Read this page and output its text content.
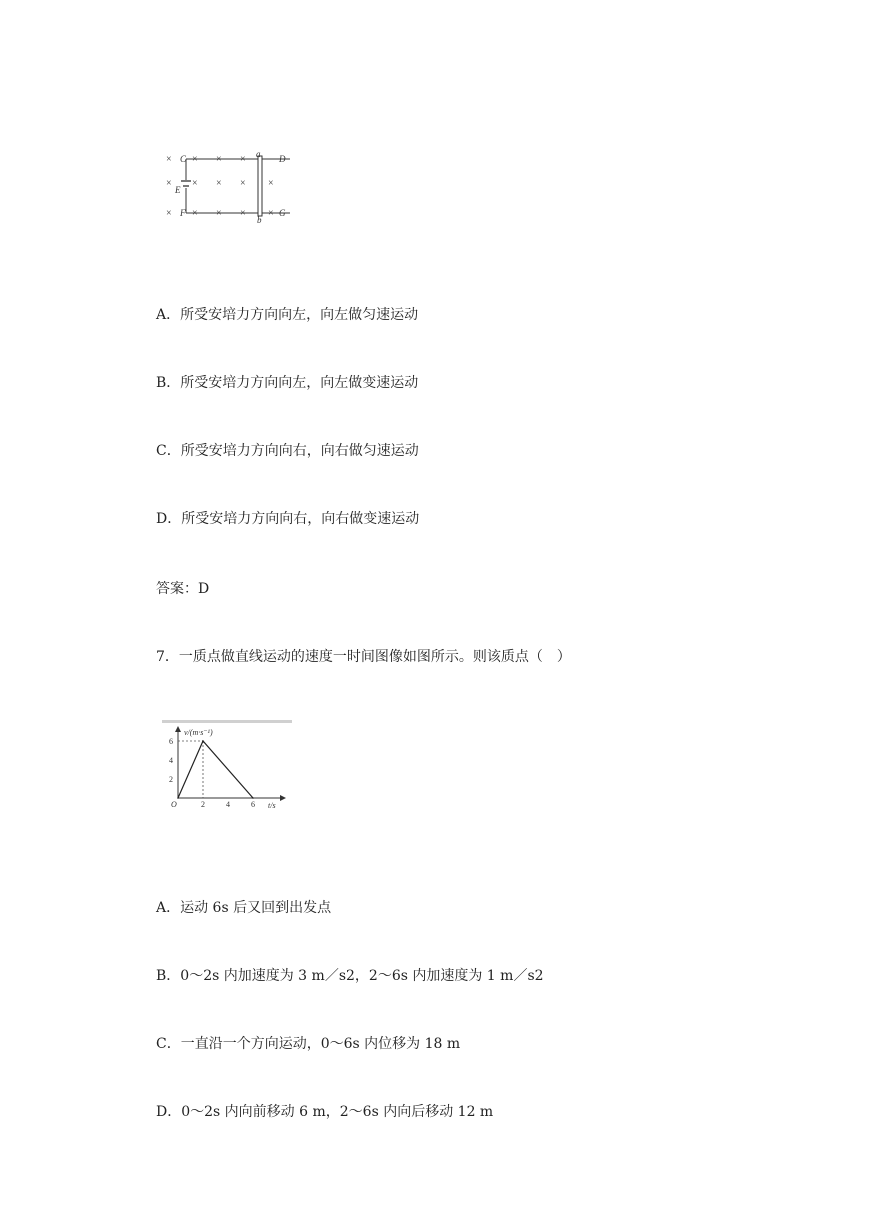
× × × ×
× × × × ×
× × × × ×
C
E
F
a
b
D
G
A．所受安培力方向向左，向左做匀速运动
B．所受安培力方向向左，向左做变速运动
C．所受安培力方向向右，向右做匀速运动
D．所受安培力方向向右，向右做变速运动
答案：D
7．一质点做直线运动的速度一时间图像如图所示。则该质点（　）
2	4	6
2
4
6
v/(m·s⁻¹)
t/s
O
A．运动 6s 后又回到出发点
B．0～2s 内加速度为 3 m／s2，2～6s 内加速度为 1 m／s2
C．一直沿一个方向运动，0～6s 内位移为 18 m
D．0～2s 内向前移动 6 m，2～6s 内向后移动 12 m
